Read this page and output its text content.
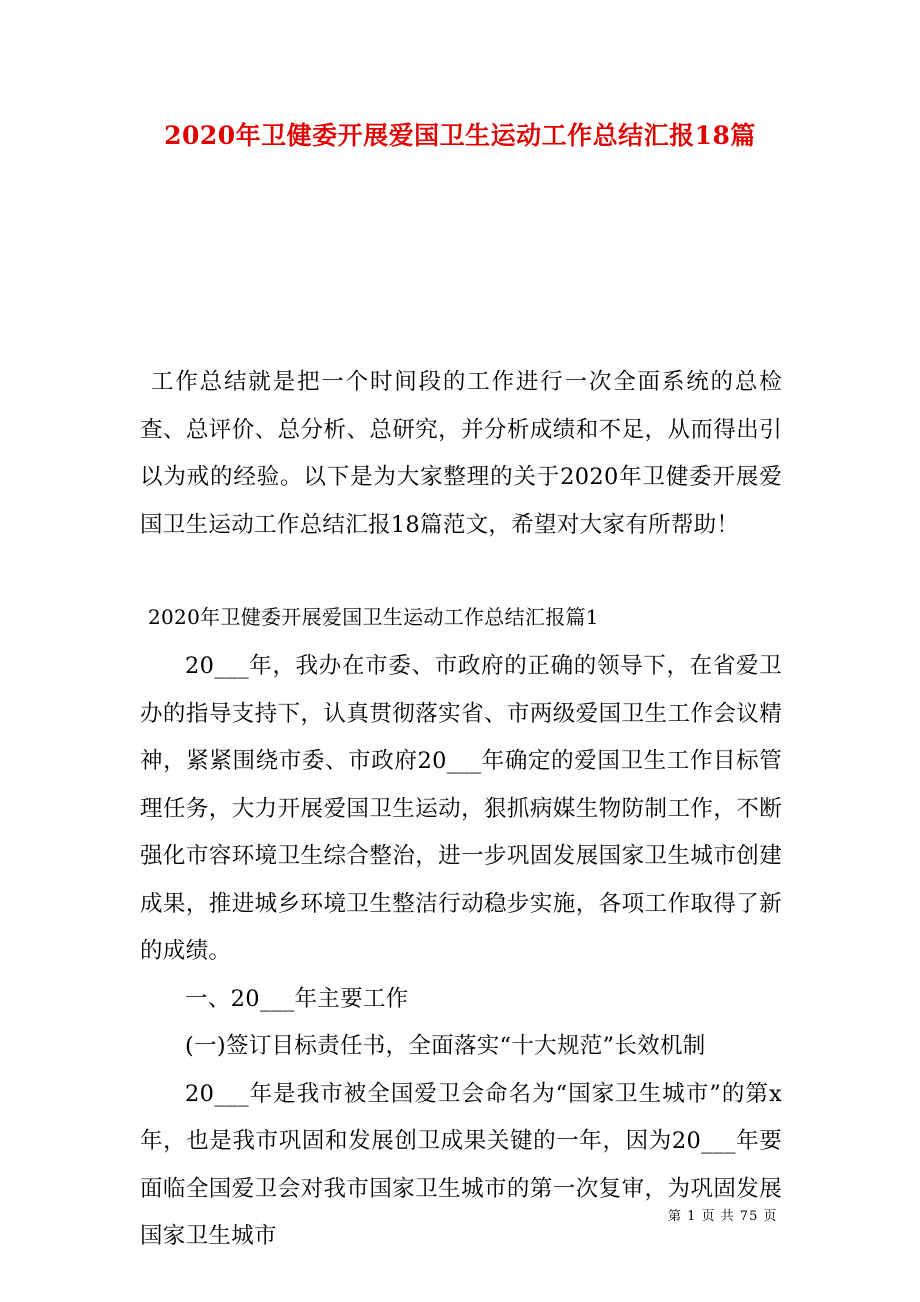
2020年卫健委开展爱国卫生运动工作总结汇报18篇
工作总结就是把一个时间段的工作进行一次全面系统的总检查、总评价、总分析、总研究，并分析成绩和不足，从而得出引以为戒的经验。以下是为大家整理的关于2020年卫健委开展爱国卫生运动工作总结汇报18篇范文，希望对大家有所帮助！
2020年卫健委开展爱国卫生运动工作总结汇报篇1

20___年，我办在市委、市政府的正确的领导下，在省爱卫办的指导支持下，认真贯彻落实省、市两级爱国卫生工作会议精神，紧紧围绕市委、市政府20___年确定的爱国卫生工作目标管理任务，大力开展爱国卫生运动，狠抓病媒生物防制工作，不断强化市容环境卫生综合整治，进一步巩固发展国家卫生城市创建成果，推进城乡环境卫生整洁行动稳步实施，各项工作取得了新的成绩。

一、20___年主要工作

(一)签订目标责任书，全面落实“十大规范”长效机制

20___年是我市被全国爱卫会命名为“国家卫生城市”的第x年，也是我市巩固和发展创卫成果关键的一年，因为20___年要面临全国爱卫会对我市国家卫生城市的第一次复审，为巩固发展国家卫生城市

第 1 页 共 75 页
